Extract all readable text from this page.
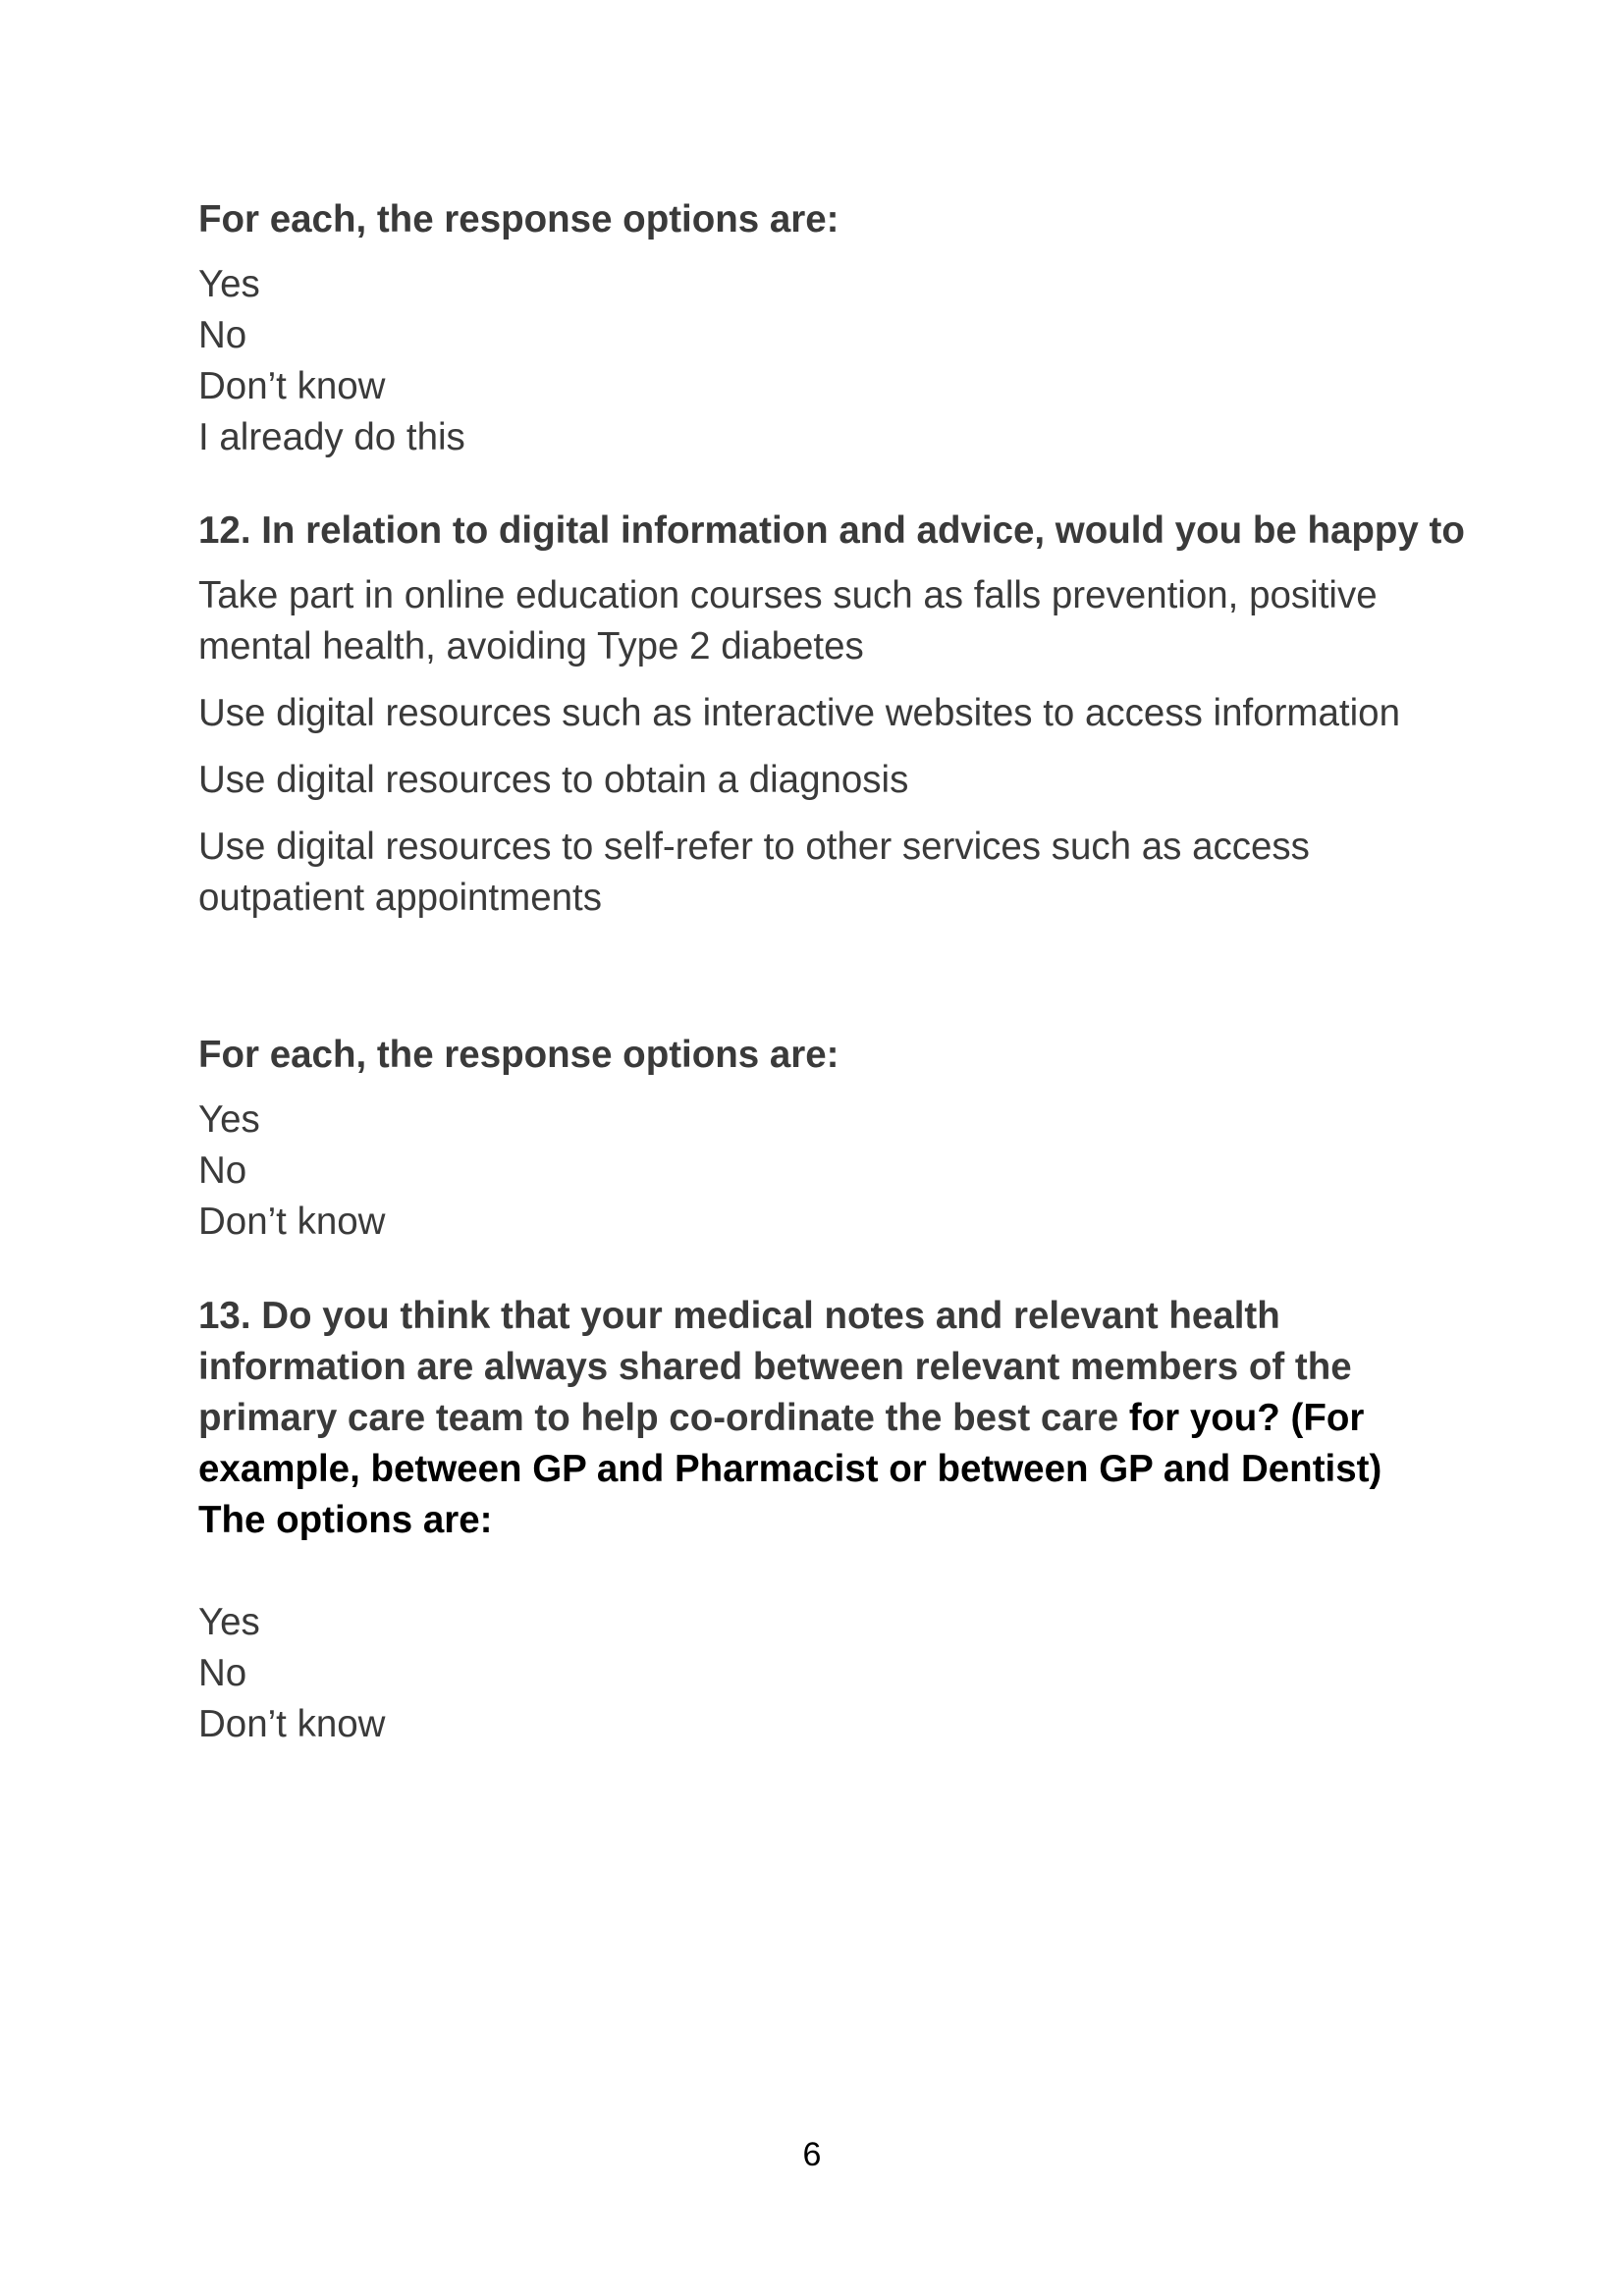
For each, the response options are:

Yes

No

Don’t know

I already do this

12. In relation to digital information and advice, would you be happy to

Take part in online education courses such as falls prevention, positive mental health, avoiding Type 2 diabetes

Use digital resources such as interactive websites to access information

Use digital resources to obtain a diagnosis

Use digital resources to self-refer to other services such as access outpatient appointments

For each, the response options are:

Yes

No

Don’t know

13. Do you think that your medical notes and relevant health information are always shared between relevant members of the primary care team to help co-ordinate the best care for you? (For example, between GP and Pharmacist or between GP and Dentist) The options are:

Yes

No

Don’t know

6
